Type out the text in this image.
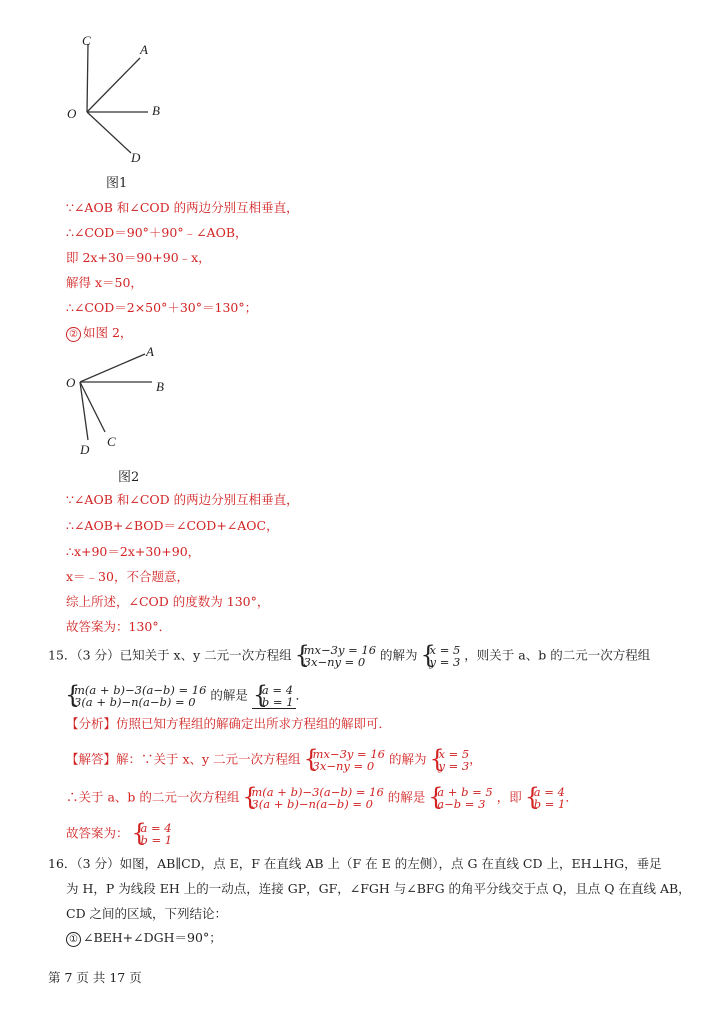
C
A
O	B
D
图1
∵∠AOB 和∠COD 的两边分别互相垂直，
∴∠COD＝90°＋90°﹣∠AOB，
即 2x+30＝90+90﹣x，
解得 x＝50，
∴∠COD＝2×50°＋30°＝130°；
② 如图 2，
A
O	B
D
C
图2
∵∠AOB 和∠COD 的两边分别互相垂直，
∴∠AOB+∠BOD＝∠COD+∠AOC，
∴x+90＝2x+30+90，
x＝﹣30，不合题意，
综上所述，∠COD 的度数为 130°，
故答案为：130°．
15．（3 分）已知关于 x、y 二元一次方程组 { mx−3y = 16
3x−ny = 0	的解为 { x = 5
y = 3 ，则关于 a、b 的二元一次方程组
{ m(a + b)−3(a−b) = 16
3(a + b)−n(a−b) = 0	的解是 { a = 4
b = 1 ．
【分析】仿照已知方程组的解确定出所求方程组的解即可．
【解答】解：∵关于 x、y 二元一次方程组 { mx−3y = 16
3x−ny = 0	的解为 { x = 5
y = 3 ，
∴关于 a、b 的二元一次方程组 { m(a + b)−3(a−b) = 16
3(a + b)−n(a−b) = 0	的解是 { a + b = 5
a−b = 3 ，即 { a = 4
b = 1 ．
故答案为： { a = 4
b = 1
16．（3 分）如图，AB∥CD，点 E，F 在直线 AB 上（F 在 E 的左侧），点 G 在直线 CD 上，EH⊥HG，垂足
为 H，P 为线段 EH 上的一动点，连接 GP，GF，∠FGH 与∠BFG 的角平分线交于点 Q，且点 Q 在直线 AB，
CD 之间的区域，下列结论：
① ∠BEH+∠DGH＝90°；
第 7 页 共 17 页
